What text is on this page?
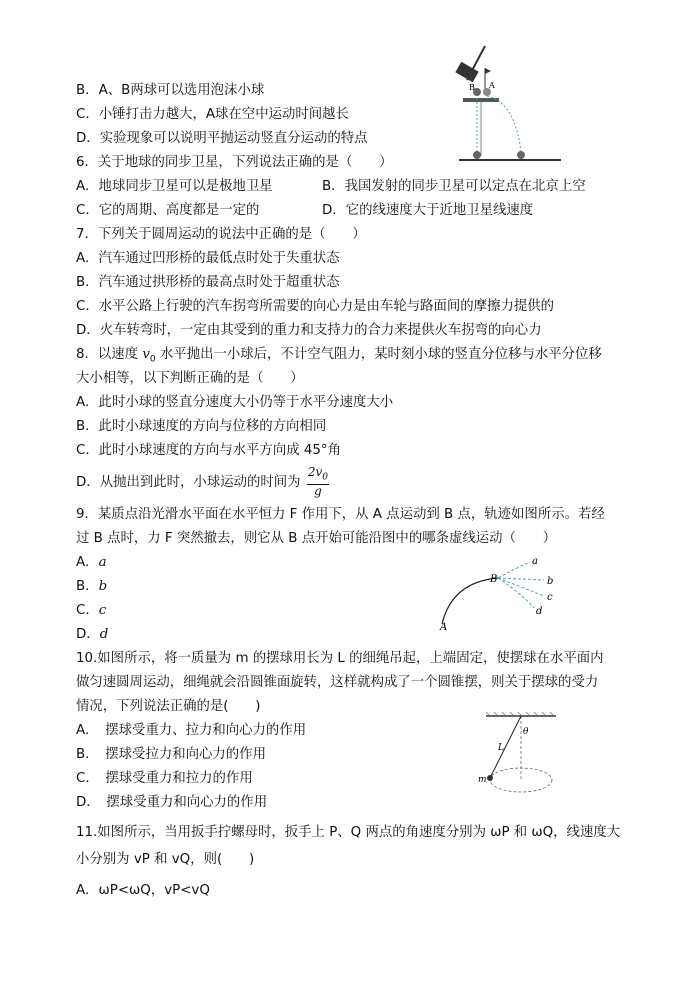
B．A、B两球可以选用泡沫小球
C．小锤打击力越大，A球在空中运动时间越长
D．实验现象可以说明平抛运动竖直分运动的特点
B A
6．关于地球的同步卫星，下列说法正确的是（　　）
A．地球同步卫星可以是极地卫星	B．我国发射的同步卫星可以定点在北京上空
C．它的周期、高度都是一定的	D．它的线速度大于近地卫星线速度
7．下列关于圆周运动的说法中正确的是（　　）
A．汽车通过凹形桥的最低点时处于失重状态
B．汽车通过拱形桥的最高点时处于超重状态
C．水平公路上行驶的汽车拐弯所需要的向心力是由车轮与路面间的摩擦力提供的
D．火车转弯时，一定由其受到的重力和支持力的合力来提供火车拐弯的向心力
8．以速度 $v_0$ 水平抛出一小球后，不计空气阻力，某时刻小球的竖直分位移与水平分位移
大小相等，以下判断正确的是（　　）
A．此时小球的竖直分速度大小仍等于水平分速度大小
B．此时小球速度的方向与位移的方向相同
C．此时小球速度的方向与水平方向成 45°角
D．从抛出到此时，小球运动的时间为 $\frac{2v_0}{g}$
9．某质点沿光滑水平面在水平恒力 F 作用下，从 A 点运动到 B 点，轨迹如图所示。若经
过 B 点时，力 F 突然撤去，则它从 B 点开始可能沿图中的哪条虚线运动（　　）
A．a
B．b
C．c
D．d
a
b
c
d
B
A
10.如图所示，将一质量为 m 的摆球用长为 L 的细绳吊起，上端固定，使摆球在水平面内
做匀速圆周运动，细绳就会沿圆锥面旋转，这样就构成了一个圆锥摆，则关于摆球的受力
情况，下列说法正确的是(　　)
A．　摆球受重力、拉力和向心力的作用
B．　摆球受拉力和向心力的作用
C．　摆球受重力和拉力的作用
D．　摆球受重力和向心力的作用
θ
L
m
11.如图所示，当用扳手拧螺母时，扳手上 P、Q 两点的角速度分别为 ωP 和 ωQ，线速度大
小分别为 vP 和 vQ，则(　　)
A．ωP<ωQ，vP<vQ
